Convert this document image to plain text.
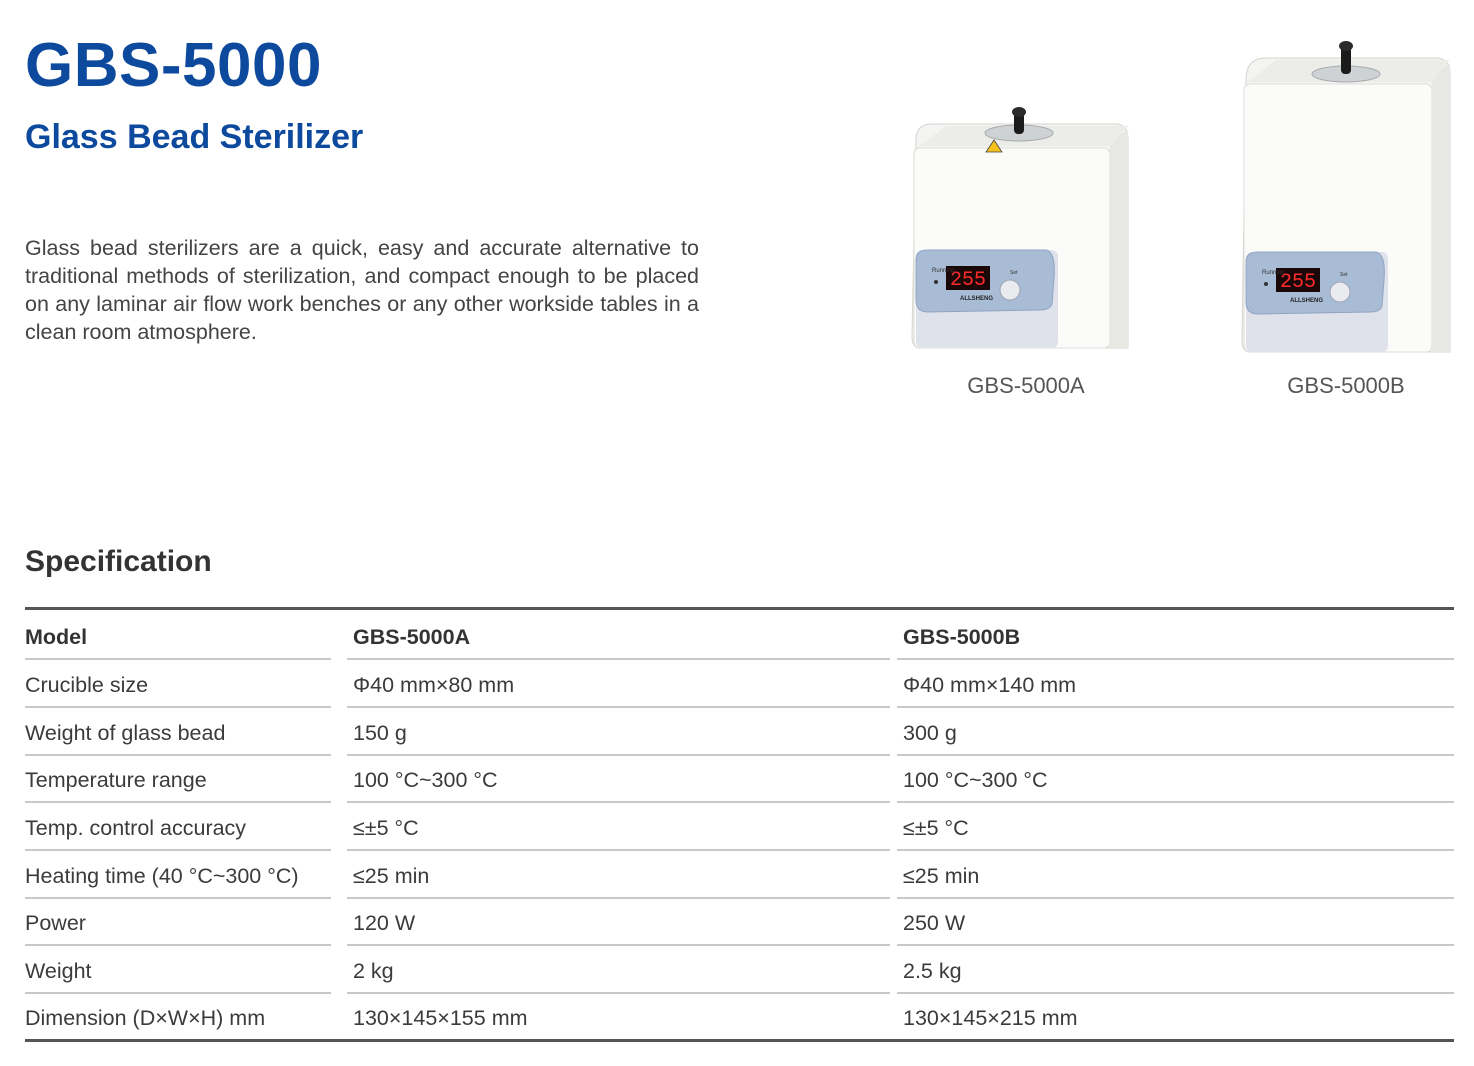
GBS-5000
Glass Bead Sterilizer

Glass bead sterilizers are a quick, easy and accurate alternative to traditional methods of sterilization, and compact enough to be placed on any laminar air flow work benches or any other workside tables in a clean room atmosphere.

255
Running	Set
ALLSHENG
GBS-5000A
255
Running	Set
ALLSHENG
GBS-5000B
Specification
Model	GBS-5000A	GBS-5000B
Crucible size	Φ40 mm×80 mm	Φ40 mm×140 mm
Weight of glass bead	150 g	300 g
Temperature range	100 °C~300 °C	100 °C~300 °C
Temp. control accuracy	≤±5 °C	≤±5 °C
Heating time (40 °C~300 °C)	≤25 min	≤25 min
Power	120 W	250 W
Weight	2 kg	2.5 kg
Dimension (D×W×H) mm	130×145×155 mm	130×145×215 mm
